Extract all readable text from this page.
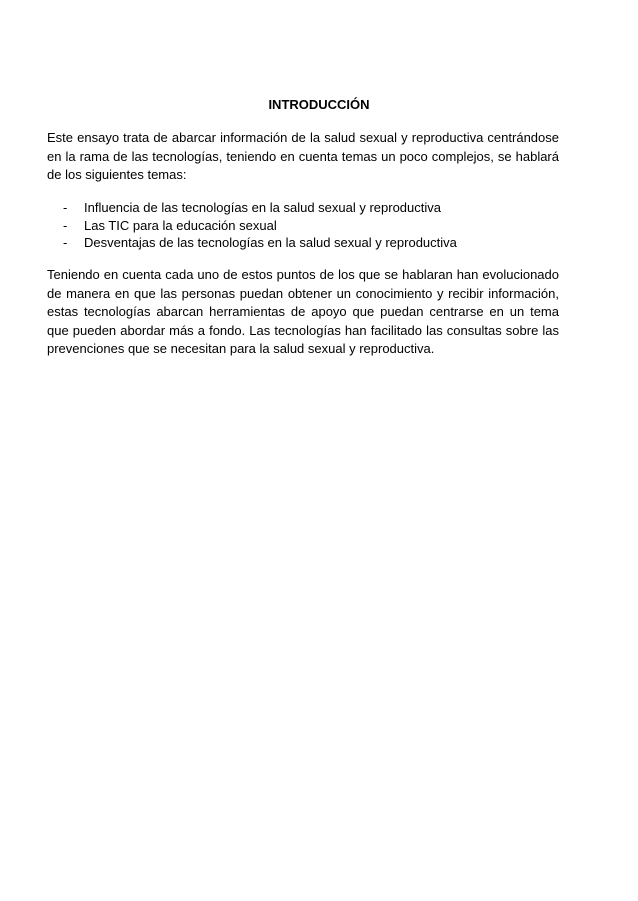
INTRODUCCIÓN

Este ensayo trata de abarcar información de la salud sexual y reproductiva centrándose en la rama de las tecnologías, teniendo en cuenta temas un poco complejos, se hablará de los siguientes temas:

- Influencia de las tecnologías en la salud sexual y reproductiva
- Las TIC para la educación sexual
- Desventajas de las tecnologías en la salud sexual y reproductiva

Teniendo en cuenta cada uno de estos puntos de los que se hablaran han evolucionado de manera en que las personas puedan obtener un conocimiento y recibir información, estas tecnologías abarcan herramientas de apoyo que puedan centrarse en un tema que pueden abordar más a fondo. Las tecnologías han facilitado las consultas sobre las prevenciones que se necesitan para la salud sexual y reproductiva.
